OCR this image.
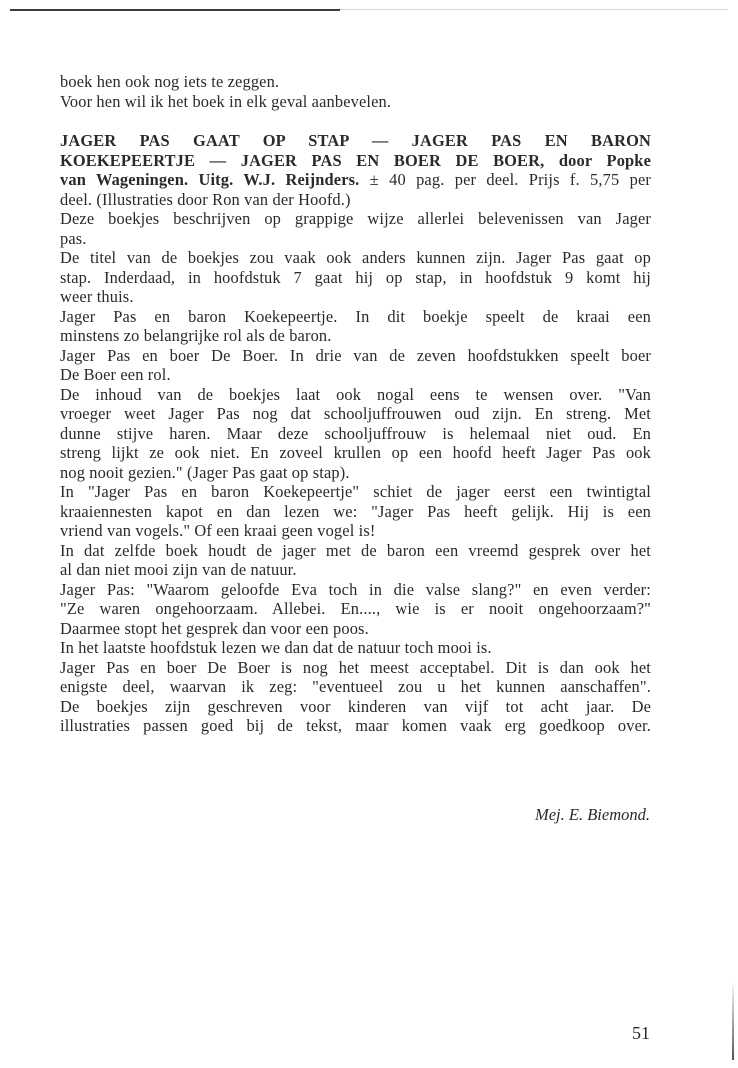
boek hen ook nog iets te zeggen.
Voor hen wil ik het boek in elk geval aanbevelen.
JAGER PAS GAAT OP STAP — JAGER PAS EN BARON
KOEKEPEERTJE — JAGER PAS EN BOER DE BOER, door Popke
van Wageningen. Uitg. W.J. Reijnders. ± 40 pag. per deel. Prijs f. 5,75 per
deel. (Illustraties door Ron van der Hoofd.)
Deze boekjes beschrijven op grappige wijze allerlei belevenissen van Jager
pas.
De titel van de boekjes zou vaak ook anders kunnen zijn. Jager Pas gaat op
stap. Inderdaad, in hoofdstuk 7 gaat hij op stap, in hoofdstuk 9 komt hij
weer thuis.
Jager Pas en baron Koekepeertje. In dit boekje speelt de kraai een
minstens zo belangrijke rol als de baron.
Jager Pas en boer De Boer. In drie van de zeven hoofdstukken speelt boer
De Boer een rol.
De inhoud van de boekjes laat ook nogal eens te wensen over. "Van
vroeger weet Jager Pas nog dat schooljuffrouwen oud zijn. En streng. Met
dunne stijve haren. Maar deze schooljuffrouw is helemaal niet oud. En
streng lijkt ze ook niet. En zoveel krullen op een hoofd heeft Jager Pas ook
nog nooit gezien." (Jager Pas gaat op stap).
In "Jager Pas en baron Koekepeertje" schiet de jager eerst een twintigtal
kraaiennesten kapot en dan lezen we: "Jager Pas heeft gelijk. Hij is een
vriend van vogels." Of een kraai geen vogel is!
In dat zelfde boek houdt de jager met de baron een vreemd gesprek over het
al dan niet mooi zijn van de natuur.
Jager Pas: "Waarom geloofde Eva toch in die valse slang?" en even verder:
"Ze waren ongehoorzaam. Allebei. En...., wie is er nooit ongehoorzaam?"
Daarmee stopt het gesprek dan voor een poos.
In het laatste hoofdstuk lezen we dan dat de natuur toch mooi is.
Jager Pas en boer De Boer is nog het meest acceptabel. Dit is dan ook het
enigste deel, waarvan ik zeg: "eventueel zou u het kunnen aanschaffen".
De boekjes zijn geschreven voor kinderen van vijf tot acht jaar. De
illustraties passen goed bij de tekst, maar komen vaak erg goedkoop over.
Mej. E. Biemond.
51
